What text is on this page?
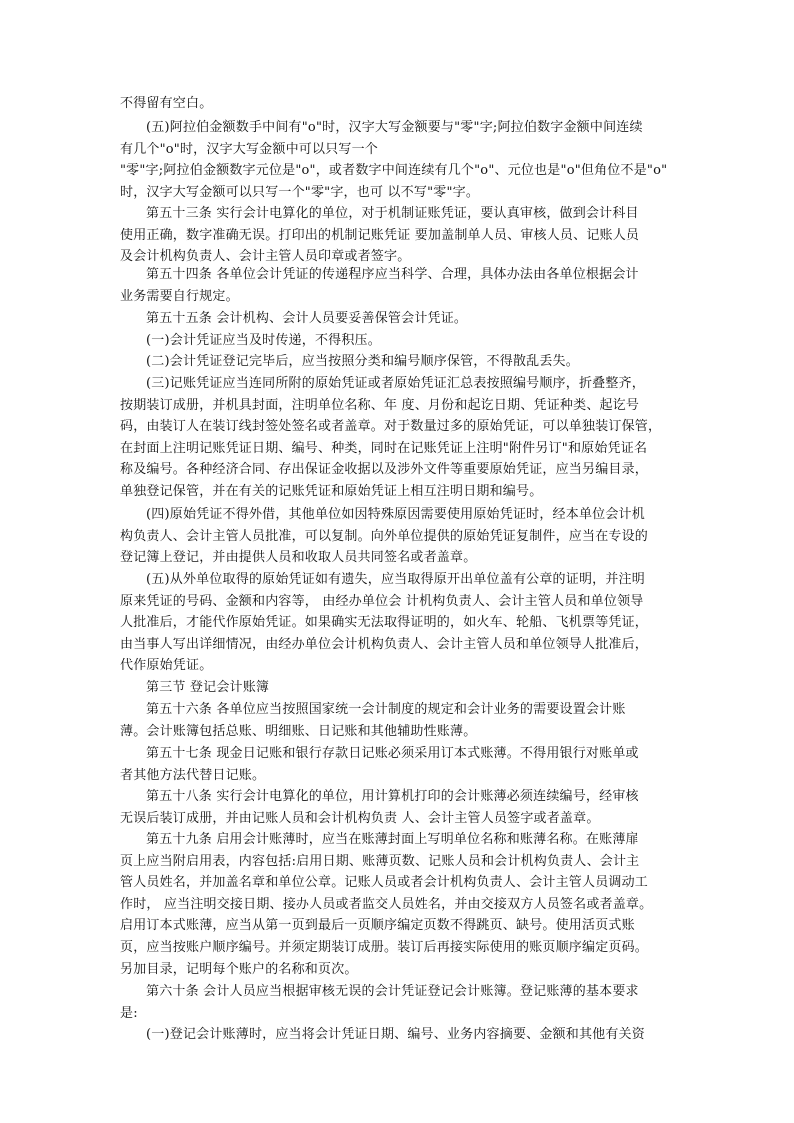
不得留有空白。
(五)阿拉伯金额数手中间有"o"时，汉字大写金额要与"零"字;阿拉伯数字金额中间连续
有几个"o"时，汉字大写金额中可以只写一个
"零"字;阿拉伯金额数字元位是"o"，或者数字中间连续有几个"o"、元位也是"o"但角位不是"o"
时，汉字大写金额可以只写一个"零"字，也可 以不写"零"字。
第五十三条 实行会计电算化的单位，对于机制证账凭证，要认真审核，做到会计科目
使用正确，数字准确无误。打印出的机制记账凭证 要加盖制单人员、审核人员、记账人员
及会计机构负责人、会计主管人员印章或者签字。
第五十四条 各单位会计凭证的传递程序应当科学、合理，具体办法由各单位根据会计
业务需要自行规定。
第五十五条 会计机构、会计人员要妥善保管会计凭证。
(一)会计凭证应当及时传递，不得积压。
(二)会计凭证登记完毕后，应当按照分类和编号顺序保管，不得散乱丢失。
(三)记账凭证应当连同所附的原始凭证或者原始凭证汇总表按照编号顺序，折叠整齐，
按期装订成册，并机具封面，注明单位名称、年 度、月份和起讫日期、凭证种类、起讫号
码，由装订人在装订线封签处签名或者盖章。对于数量过多的原始凭证，可以单独装订保管，
在封面上注明记账凭证日期、编号、种类，同时在记账凭证上注明"附件另订"和原始凭证名
称及编号。各种经济合同、存出保证金收据以及涉外文件等重要原始凭证，应当另编目录，
单独登记保管，并在有关的记账凭证和原始凭证上相互注明日期和编号。
(四)原始凭证不得外借，其他单位如因特殊原因需要使用原始凭证时，经本单位会计机
构负责人、会计主管人员批准，可以复制。向外单位提供的原始凭证复制件，应当在专设的
登记簿上登记，并由提供人员和收取人员共同签名或者盖章。
(五)从外单位取得的原始凭证如有遗失，应当取得原开出单位盖有公章的证明，并注明
原来凭证的号码、金额和内容等， 由经办单位会 计机构负责人、会计主管人员和单位领导
人批准后，才能代作原始凭证。如果确实无法取得证明的，如火车、轮船、飞机票等凭证，
由当事人写出详细情况，由经办单位会计机构负责人、会计主管人员和单位领导人批准后，
代作原始凭证。
第三节 登记会计账簿
第五十六条 各单位应当按照国家统一会计制度的规定和会计业务的需要设置会计账
薄。会计账簿包括总账、明细账、日记账和其他辅助性账薄。
第五十七条 现金日记账和银行存款日记账必须采用订本式账薄。不得用银行对账单或
者其他方法代替日记账。
第五十八条 实行会计电算化的单位，用计算机打印的会计账薄必须连续编号，经审核
无误后装订成册，并由记账人员和会计机构负责 人、会计主管人员签字或者盖章。
第五十九条 启用会计账薄时，应当在账薄封面上写明单位名称和账薄名称。在账薄扉
页上应当附启用表，内容包括:启用日期、账薄页数、记账人员和会计机构负责人、会计主
管人员姓名，并加盖名章和单位公章。记账人员或者会计机构负责人、会计主管人员调动工
作时， 应当注明交接日期、接办人员或者监交人员姓名，并由交接双方人员签名或者盖章。
启用订本式账薄，应当从第一页到最后一页顺序编定页数不得跳页、缺号。使用活页式账
页，应当按账户顺序编号。并须定期装订成册。装订后再接实际使用的账页顺序编定页码。
另加目录，记明每个账户的名称和页次。
第六十条 会计人员应当根据审核无误的会计凭证登记会计账簿。登记账薄的基本要求
是:
(一)登记会计账薄时，应当将会计凭证日期、编号、业务内容摘要、金额和其他有关资
